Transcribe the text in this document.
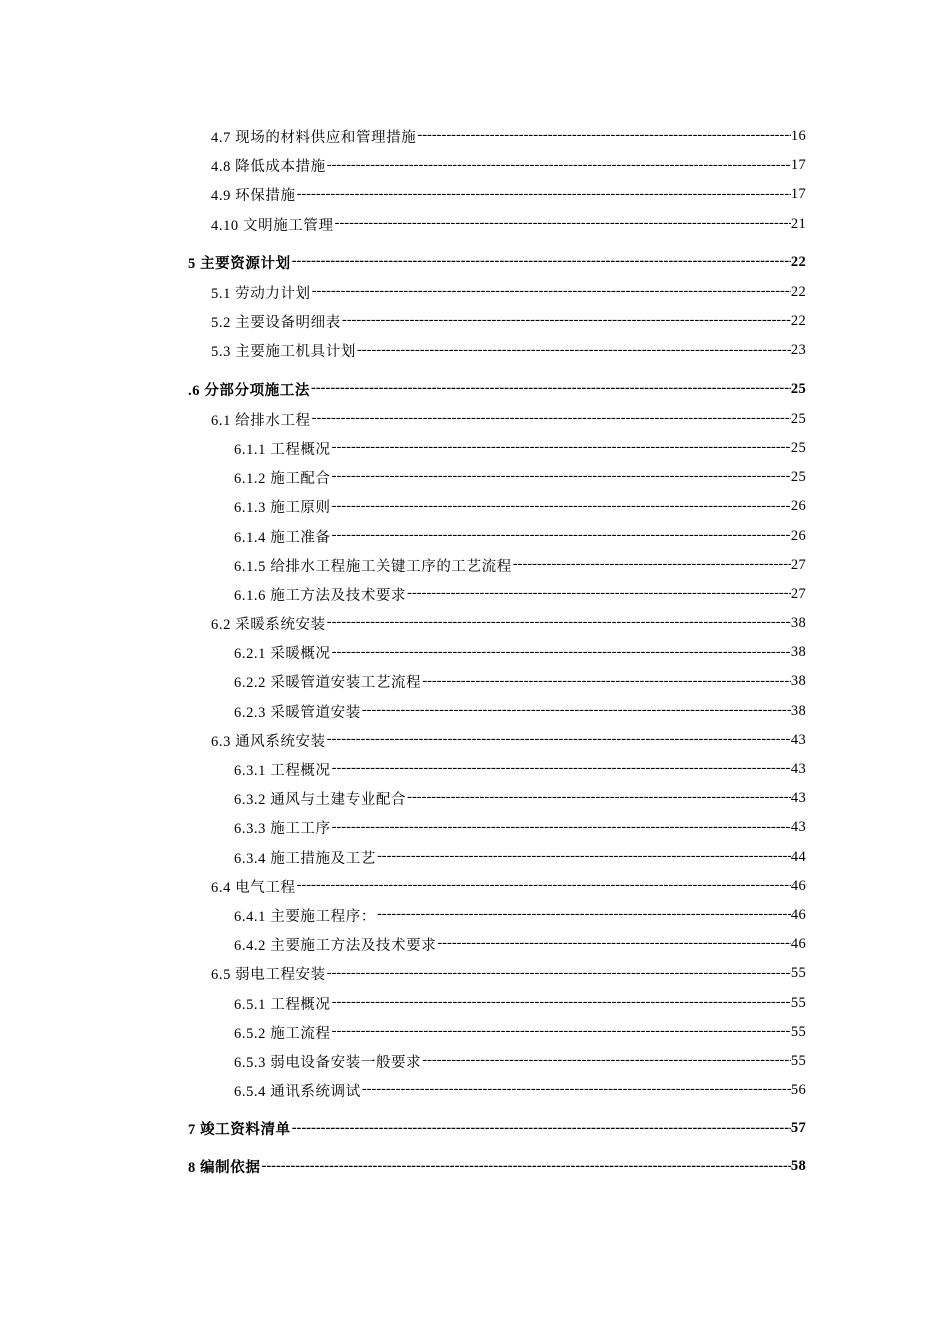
4.7 现场的材料供应和管理措施 -----	16
4.8 降低成本措施 -----	17
4.9 环保措施 -----	17
4.10 文明施工管理 -----	21
5 主要资源计划 -----	22
5.1 劳动力计划 -----	22
5.2 主要设备明细表 -----	22
5.3 主要施工机具计划 -----	23
.6 分部分项施工法 -----	25
6.1 给排水工程 -----	25
6.1.1 工程概况 -----	25
6.1.2 施工配合 -----	25
6.1.3 施工原则 -----	26
6.1.4 施工准备 -----	26
6.1.5 给排水工程施工关键工序的工艺流程 -----	27
6.1.6 施工方法及技术要求 -----	27
6.2 采暖系统安装 -----	38
6.2.1 采暖概况 -----	38
6.2.2 采暖管道安装工艺流程 -----	38
6.2.3 采暖管道安装 -----	38
6.3 通风系统安装 -----	43
6.3.1 工程概况 -----	43
6.3.2 通风与土建专业配合 -----	43
6.3.3 施工工序 -----	43
6.3.4 施工措施及工艺 -----	44
6.4 电气工程 -----	46
6.4.1 主要施工程序： -----	46
6.4.2 主要施工方法及技术要求 -----	46
6.5 弱电工程安装 -----	55
6.5.1 工程概况 -----	55
6.5.2 施工流程 -----	55
6.5.3 弱电设备安装一般要求 -----	55
6.5.4 通讯系统调试 -----	56
7 竣工资料清单 -----	57
8 编制依据 -----	58
